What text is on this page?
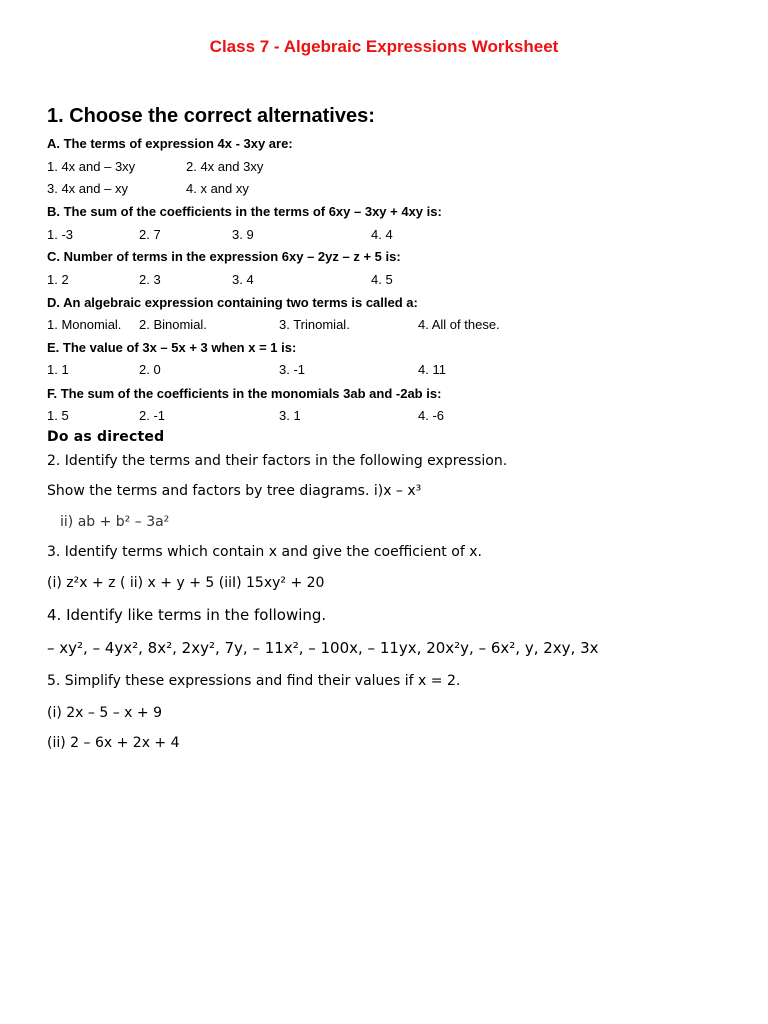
Class 7 - Algebraic Expressions Worksheet
1. Choose the correct alternatives:
A. The terms of expression 4x - 3xy are:
1. 4x and – 3xy	2. 4x and 3xy
3. 4x and – xy	4. x and xy
B. The sum of the coefficients in the terms of 6xy – 3xy + 4xy is:
1. -3	2. 7	3. 9	4. 4
C. Number of terms in the expression 6xy – 2yz – z + 5 is:
1. 2	2. 3	3. 4	4. 5
D. An algebraic expression containing two terms is called a:
1. Monomial. 2. Binomial.	3. Trinomial.	4. All of these.
E. The value of 3x – 5x + 3 when x = 1 is:
1. 1	2. 0	3. -1	4. 11
F. The sum of the coefficients in the monomials 3ab and -2ab is:
1. 5	2. -1	3. 1	4. -6
Do as directed
2. Identify the terms and their factors in the following expression.
Show the terms and factors by tree diagrams. i)x – x³
ii) ab + b² – 3a²
3. Identify terms which contain x and give the coefficient of x.
(i) z²x + z ( ii) x + y + 5 (iiI) 15xy² + 20
4. Identify like terms in the following.
– xy², – 4yx², 8x², 2xy², 7y, – 11x², – 100x, – 11yx, 20x²y, – 6x², y, 2xy, 3x
5. Simplify these expressions and find their values if x = 2.
(i) 2x – 5 – x + 9
(ii) 2 – 6x + 2x + 4
